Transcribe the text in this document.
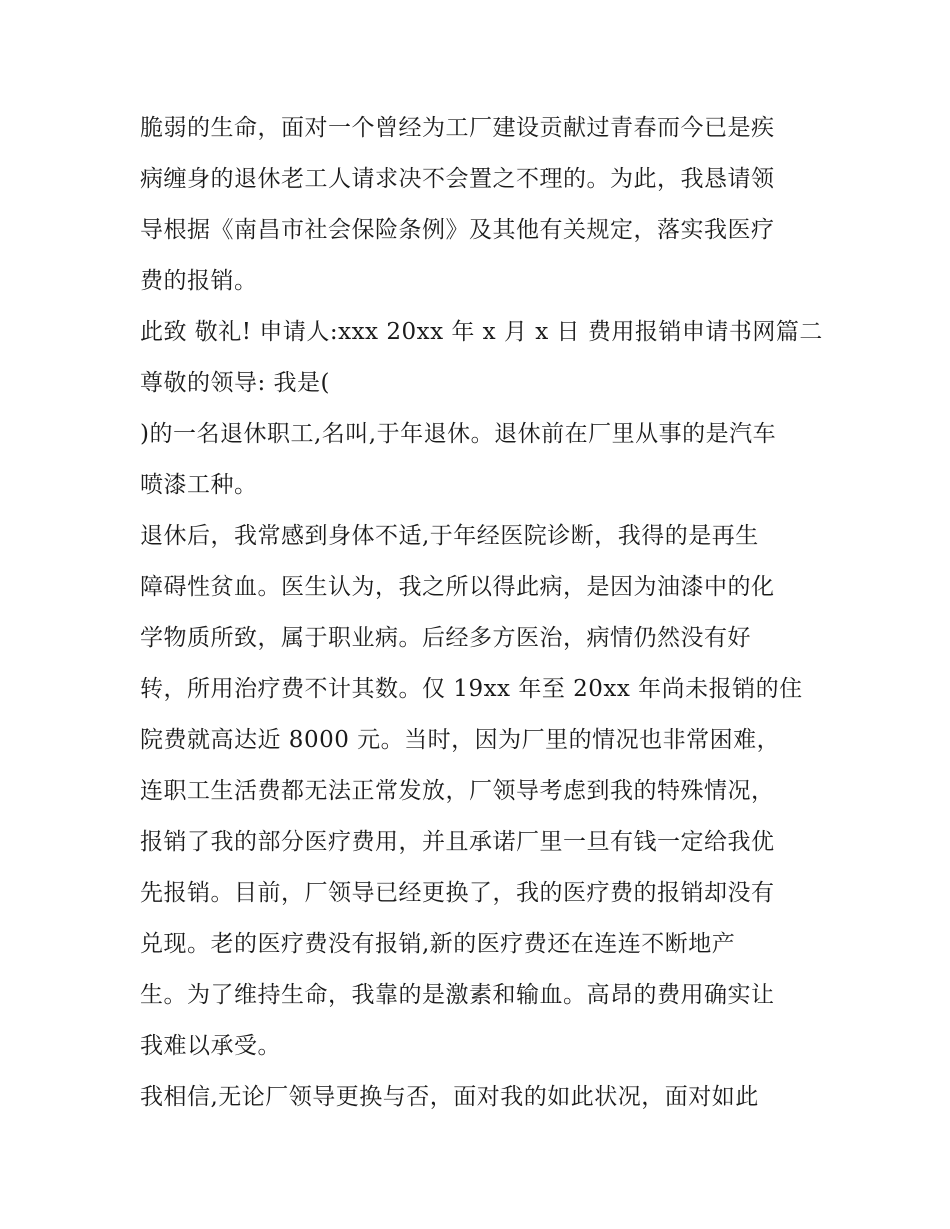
脆弱的生命，面对一个曾经为工厂建设贡献过青春而今已是疾
病缠身的退休老工人请求决不会置之不理的。为此，我恳请领
导根据《南昌市社会保险条例》及其他有关规定，落实我医疗
费的报销。
此致 敬礼! 申请人:xxx 20xx 年 x 月 x 日 费用报销申请书网篇二
尊敬的领导: 我是(
)的一名退休职工,名叫,于年退休。退休前在厂里从事的是汽车
喷漆工种。
退休后，我常感到身体不适,于年经医院诊断，我得的是再生
障碍性贫血。医生认为，我之所以得此病，是因为油漆中的化
学物质所致，属于职业病。后经多方医治，病情仍然没有好
转，所用治疗费不计其数。仅 19xx 年至 20xx 年尚未报销的住
院费就高达近 8000 元。当时，因为厂里的情况也非常困难，
连职工生活费都无法正常发放，厂领导考虑到我的特殊情况，
报销了我的部分医疗费用，并且承诺厂里一旦有钱一定给我优
先报销。目前，厂领导已经更换了，我的医疗费的报销却没有
兑现。老的医疗费没有报销,新的医疗费还在连连不断地产
生。为了维持生命，我靠的是激素和输血。高昂的费用确实让
我难以承受。
我相信,无论厂领导更换与否，面对我的如此状况，面对如此
